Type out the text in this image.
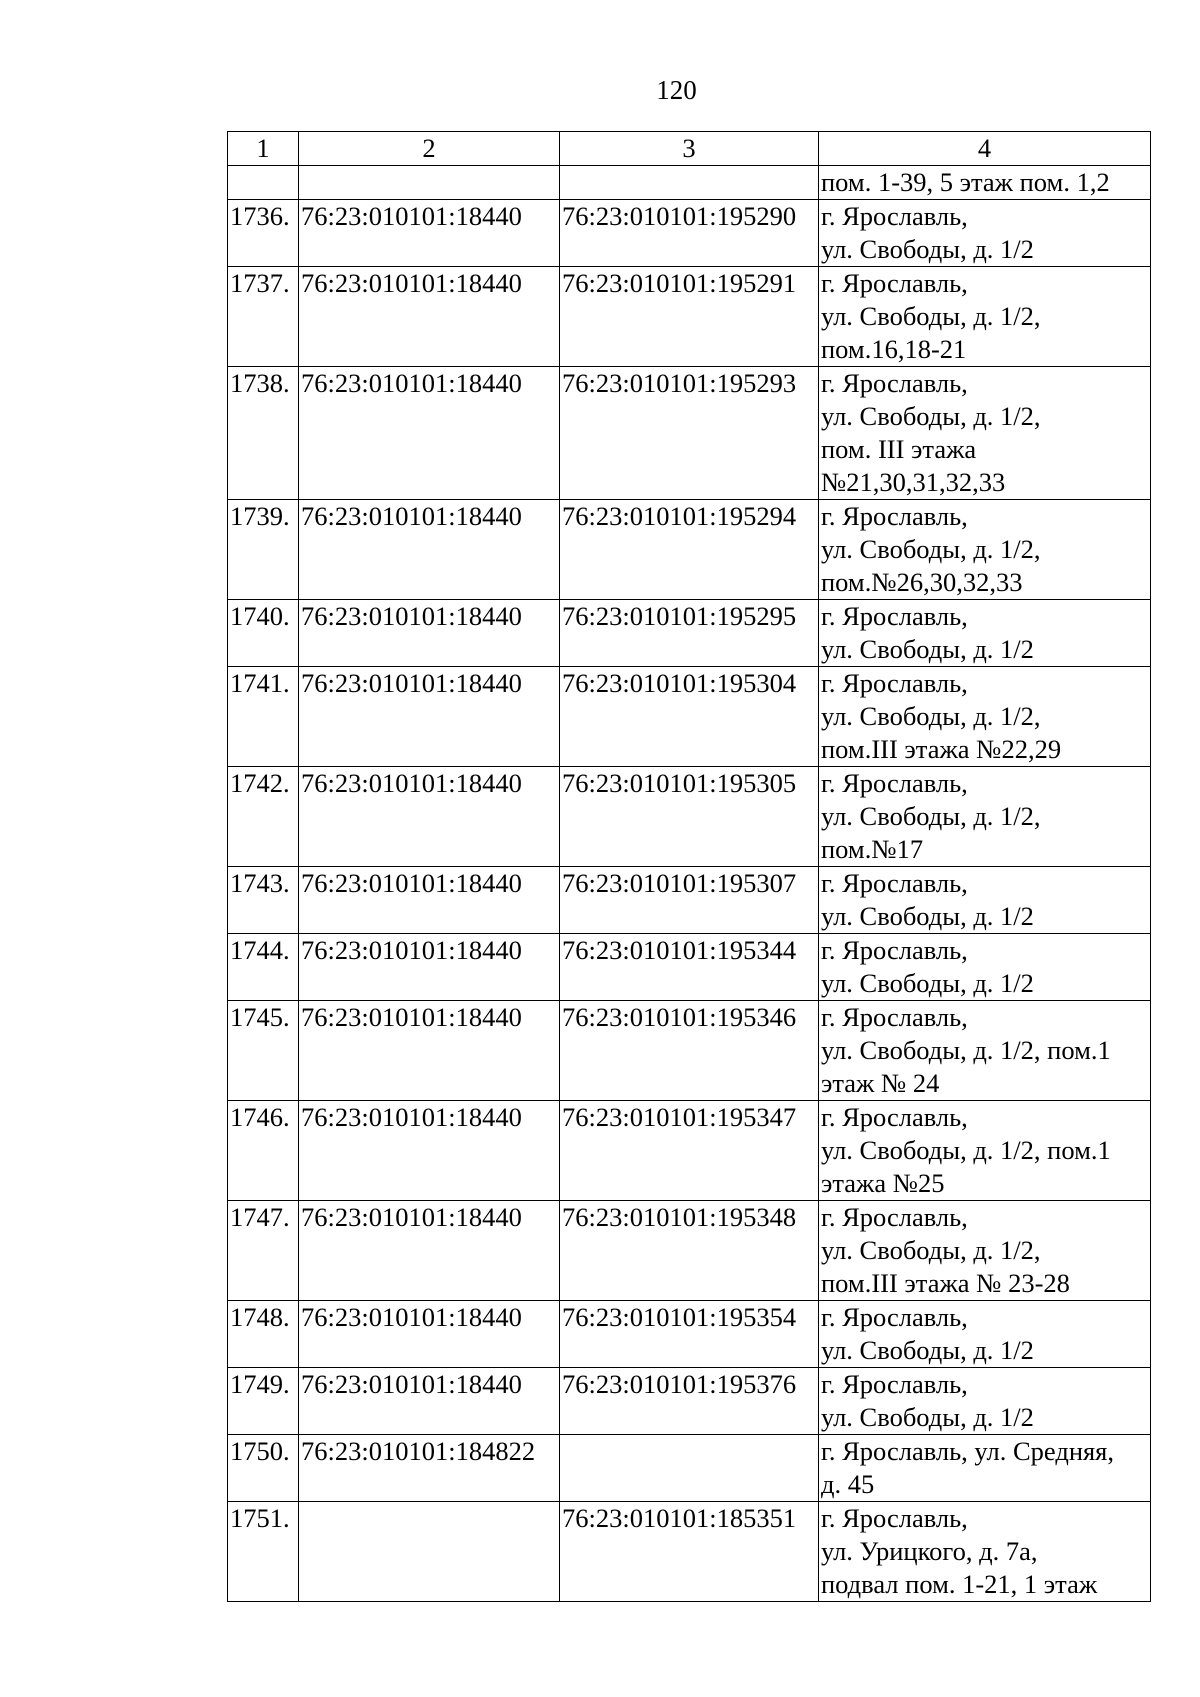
120
1	2	3	4

			пом. 1-39, 5 этаж пом. 1,2

1736.	76:23:010101:18440	76:23:010101:195290	г. Ярославль,
ул. Свободы, д. 1/2

1737.	76:23:010101:18440	76:23:010101:195291	г. Ярославль,
ул. Свободы, д. 1/2,
пом.16,18-21

1738.	76:23:010101:18440	76:23:010101:195293	г. Ярославль,
ул. Свободы, д. 1/2,
пом. III этажа
№21,30,31,32,33

1739.	76:23:010101:18440	76:23:010101:195294	г. Ярославль,
ул. Свободы, д. 1/2,
пом.№26,30,32,33

1740.	76:23:010101:18440	76:23:010101:195295	г. Ярославль,
ул. Свободы, д. 1/2

1741.	76:23:010101:18440	76:23:010101:195304	г. Ярославль,
ул. Свободы, д. 1/2,
пом.III этажа №22,29

1742.	76:23:010101:18440	76:23:010101:195305	г. Ярославль,
ул. Свободы, д. 1/2,
пом.№17

1743.	76:23:010101:18440	76:23:010101:195307	г. Ярославль,
ул. Свободы, д. 1/2

1744.	76:23:010101:18440	76:23:010101:195344	г. Ярославль,
ул. Свободы, д. 1/2

1745.	76:23:010101:18440	76:23:010101:195346	г. Ярославль,
ул. Свободы, д. 1/2, пом.1
этаж № 24

1746.	76:23:010101:18440	76:23:010101:195347	г. Ярославль,
ул. Свободы, д. 1/2, пом.1
этажа №25

1747.	76:23:010101:18440	76:23:010101:195348	г. Ярославль,
ул. Свободы, д. 1/2,
пом.III этажа № 23-28

1748.	76:23:010101:18440	76:23:010101:195354	г. Ярославль,
ул. Свободы, д. 1/2

1749.	76:23:010101:18440	76:23:010101:195376	г. Ярославль,
ул. Свободы, д. 1/2

1750.	76:23:010101:184822		г. Ярославль, ул. Средняя,
д. 45

1751.		76:23:010101:185351	г. Ярославль,
ул. Урицкого, д. 7а,
подвал пом. 1-21, 1 этаж
